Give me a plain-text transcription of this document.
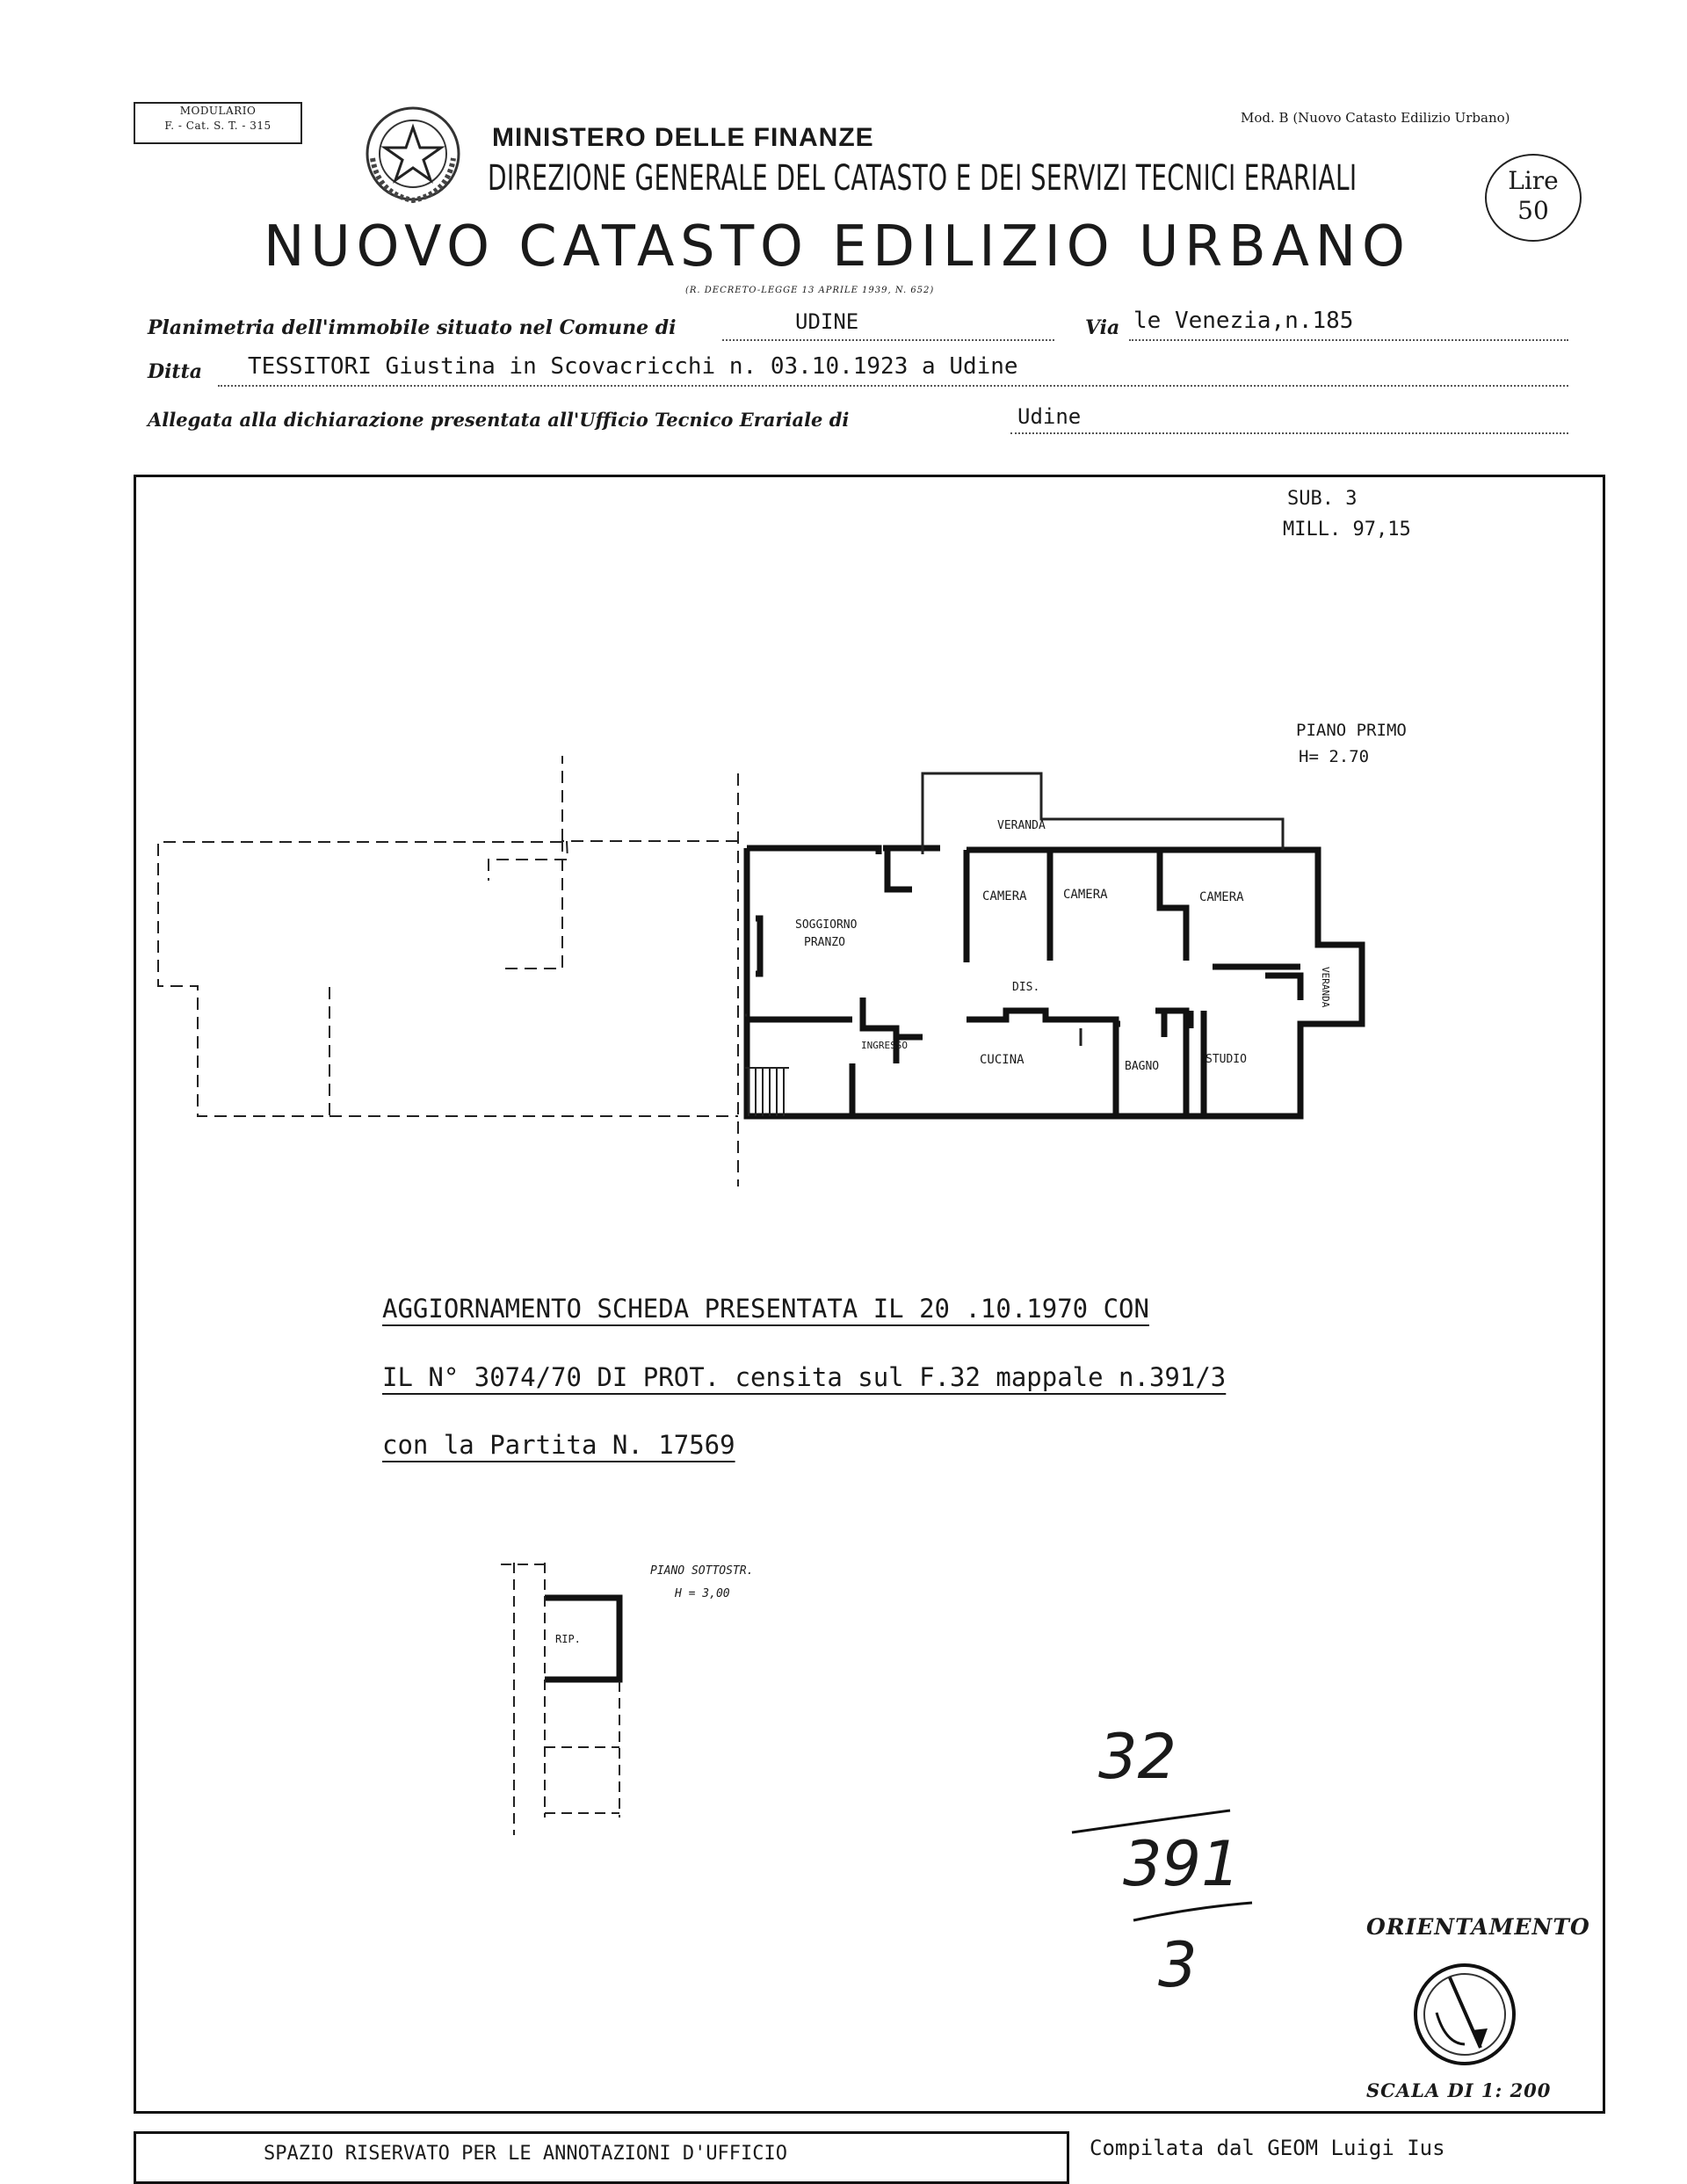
MODULARIO
F. - Cat. S. T. - 315	MINISTERO DELLE FINANZE
DIREZIONE GENERALE DEL CATASTO E DEI SERVIZI TECNICI ERARIALI
NUOVO CATASTO EDILIZIO URBANO
(R. DECRETO-LEGGE 13 APRILE 1939, N. 652)
Mod. B (Nuovo Catasto Edilizio Urbano)
Lire
50
Planimetria dell'immobile situato nel Comune di	UDINE	Via le Venezia,n.185
Ditta TESSITORI Giustina in Scovacricchi n. 03.10.1923 a Udine
Allegata alla dichiarazione presentata all'Ufficio Tecnico Erariale di	Udine
SUB. 3
MILL. 97,15
PIANO PRIMO
H= 2.70
VERANDA
CAMERA	CAMERA	CAMERA
SOGGIORNO
PRANZO
DIS.
INGRESSO
CUCINA	BAGNO
STUDIO
VERANDA
AGGIORNAMENTO SCHEDA PRESENTATA IL 20 .10.1970 CON
IL N° 3074/70 DI PROT. censita sul F.32 mappale n.391/3
con la Partita N. 17569
PIANO SOTTOSTR.
H = 3,00
RIP.
32
391
3
ORIENTAMENTO
SCALA DI 1: 200
SPAZIO RISERVATO PER LE ANNOTAZIONI D'UFFICIO	Compilata dal GEOM Luigi Ius
